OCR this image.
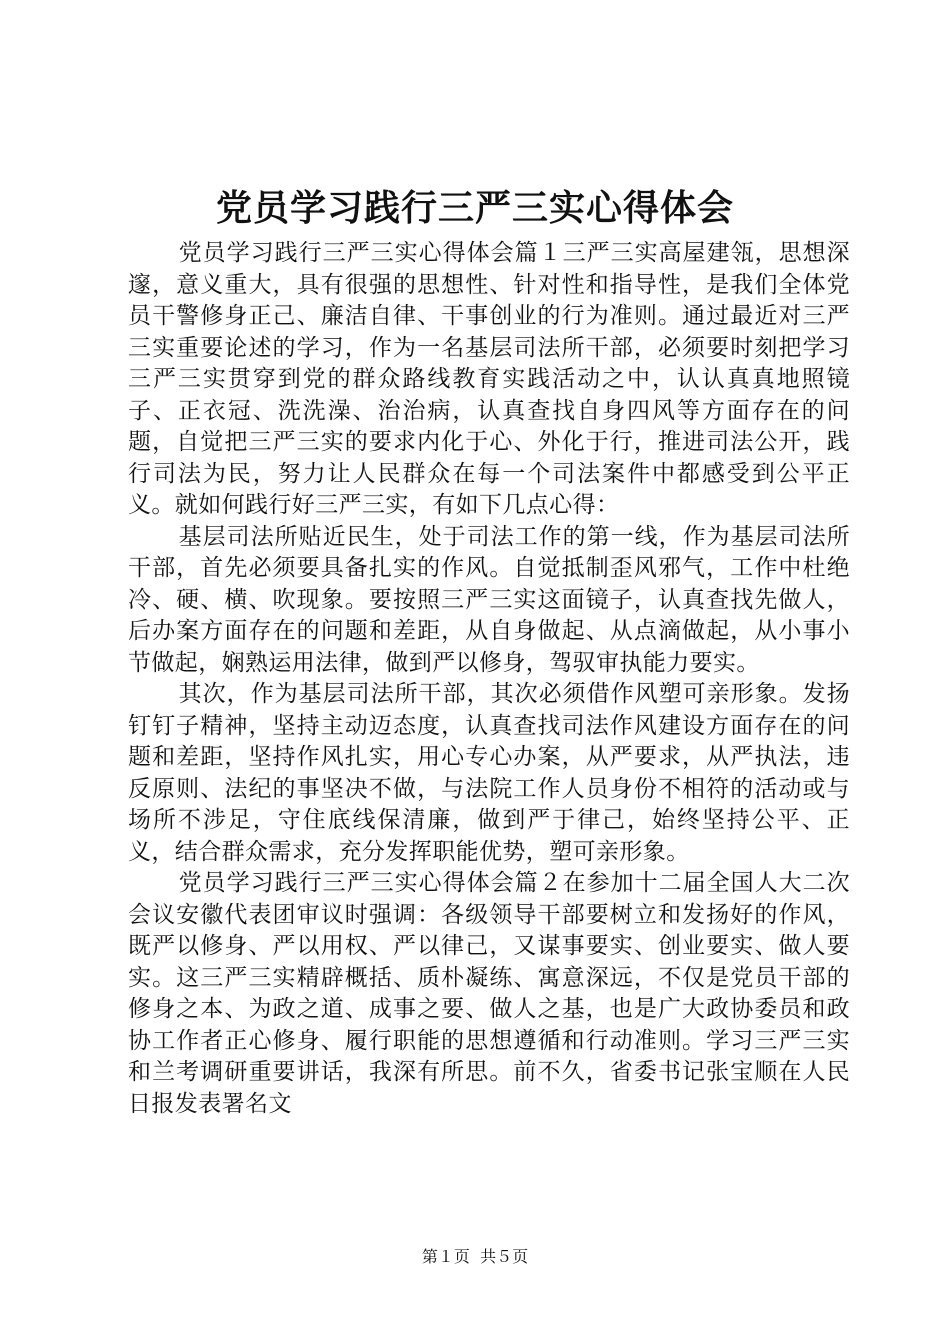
党员学习践行三严三实心得体会

党员学习践行三严三实心得体会篇１三严三实高屋建瓴，思想深邃，意义重大，具有很强的思想性、针对性和指导性，是我们全体党员干警修身正己、廉洁自律、干事创业的行为准则。通过最近对三严三实重要论述的学习，作为一名基层司法所干部，必须要时刻把学习三严三实贯穿到党的群众路线教育实践活动之中，认认真真地照镜子、正衣冠、洗洗澡、治治病，认真查找自身四风等方面存在的问题，自觉把三严三实的要求内化于心、外化于行，推进司法公开，践行司法为民，努力让人民群众在每一个司法案件中都感受到公平正义。就如何践行好三严三实，有如下几点心得：

基层司法所贴近民生，处于司法工作的第一线，作为基层司法所干部，首先必须要具备扎实的作风。自觉抵制歪风邪气，工作中杜绝冷、硬、横、吹现象。要按照三严三实这面镜子，认真查找先做人，后办案方面存在的问题和差距，从自身做起、从点滴做起，从小事小节做起，娴熟运用法律，做到严以修身，驾驭审执能力要实。

其次，作为基层司法所干部，其次必须借作风塑可亲形象。发扬钉钉子精神，坚持主动迈态度，认真查找司法作风建设方面存在的问题和差距，坚持作风扎实，用心专心办案，从严要求，从严执法，违反原则、法纪的事坚决不做，与法院工作人员身份不相符的活动或与场所不涉足，守住底线保清廉，做到严于律己，始终坚持公平、正义，结合群众需求，充分发挥职能优势，塑可亲形象。

党员学习践行三严三实心得体会篇２在参加十二届全国人大二次会议安徽代表团审议时强调：各级领导干部要树立和发扬好的作风，既严以修身、严以用权、严以律己，又谋事要实、创业要实、做人要实。这三严三实精辟概括、质朴凝练、寓意深远，不仅是党员干部的修身之本、为政之道、成事之要、做人之基，也是广大政协委员和政协工作者正心修身、履行职能的思想遵循和行动准则。学习三严三实和兰考调研重要讲话，我深有所思。前不久，省委书记张宝顺在人民日报发表署名文

第１页 共５页
